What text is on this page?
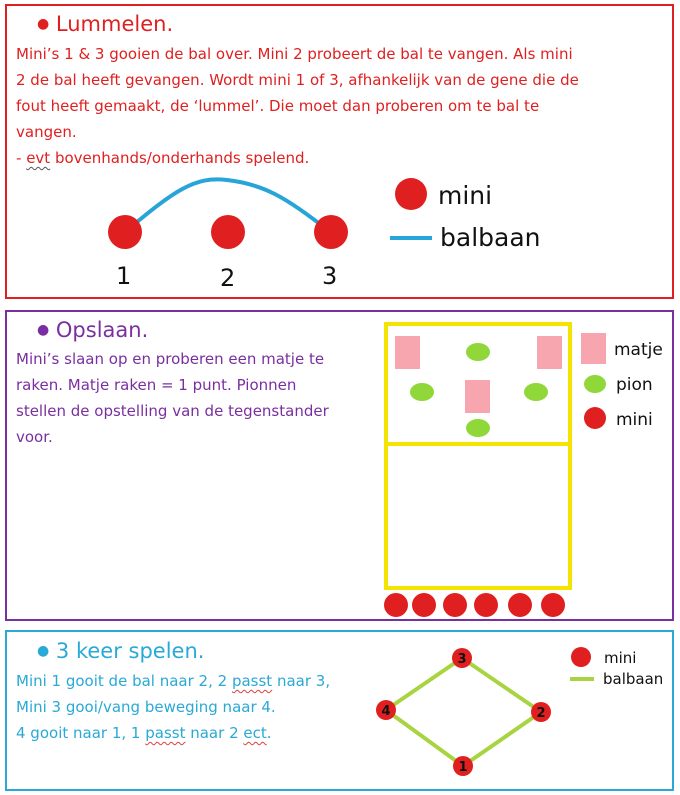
● Lummelen.
Mini’s 1 & 3 gooien de bal over. Mini 2 probeert de bal te vangen. Als mini
2 de bal heeft gevangen. Wordt mini 1 of 3, afhankelijk van de gene die de
fout heeft gemaakt, de ‘lummel’. Die moet dan proberen om te bal te
vangen.
- evt bovenhands/onderhands spelend.
1	2	3
mini
balbaan
● Opslaan.
Mini’s slaan op en proberen een matje te
raken. Matje raken = 1 punt. Pionnen
stellen de opstelling van de tegenstander
voor.
matje
pion
mini
● 3 keer spelen.
Mini 1 gooit de bal naar 2, 2 passt naar 3,
Mini 3 gooi/vang beweging naar 4.
4 gooit naar 1, 1 passt naar 2 ect.
3
2
1
4
mini
balbaan
